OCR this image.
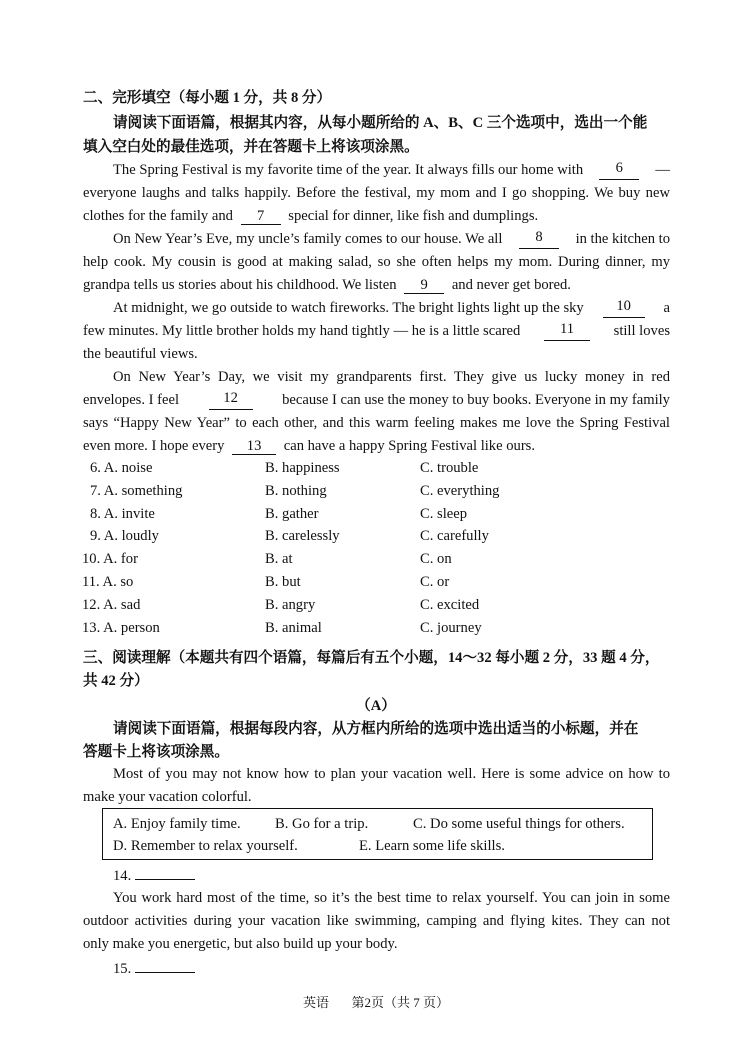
二、完形填空（每小题 1 分，共 8 分）
请阅读下面语篇，根据其内容，从每小题所给的 A、B、C 三个选项中，选出一个能
填入空白处的最佳选项，并在答题卡上将该项涂黑。
The Spring Festival is my favorite time of the year. It always fills our home with	6	—
everyone laughs and talks happily. Before the festival, my mom and I go shopping. We buy new
clothes for the family and 7 special for dinner, like fish and dumplings.
On New Year’s Eve, my uncle’s family comes to our house. We all	8	in the kitchen to
help cook. My cousin is good at making salad, so she often helps my mom. During dinner, my
grandpa tells us stories about his childhood. We listen 9 and never get bored.
At midnight, we go outside to watch fireworks. The bright lights light up the sky	10	a
few minutes. My little brother holds my hand tightly — he is a little scared	11	still loves
the beautiful views.
On New Year’s Day, we visit my grandparents first. They give us lucky money in red
envelopes. I feel	12	because I can use the money to buy books. Everyone in my family
says “Happy New Year” to each other, and this warm feeling makes me love the Spring Festival
even more. I hope every 13 can have a happy Spring Festival like ours.
6. A. noise	B. happiness	C. trouble
7. A. something	B. nothing	C. everything
8. A. invite	B. gather	C. sleep
9. A. loudly	B. carelessly	C. carefully
10. A. for	B. at	C. on
11. A. so	B. but	C. or
12. A. sad	B. angry	C. excited
13. A. person	B. animal	C. journey
三、阅读理解（本题共有四个语篇，每篇后有五个小题，14～32 每小题 2 分，33 题 4 分，
共 42 分）
（A）
请阅读下面语篇，根据每段内容，从方框内所给的选项中选出适当的小标题，并在
答题卡上将该项涂黑。
Most of you may not know how to plan your vacation well. Here is some advice on how to
make your vacation colorful.
A. Enjoy family time. B. Go for a trip.	C. Do some useful things for others.
D. Remember to relax yourself.	E. Learn some life skills.
14.
You work hard most of the time, so it’s the best time to relax yourself. You can join in some
outdoor activities during your vacation like swimming, camping and flying kites. They can not
only make you energetic, but also build up your body.
15.
英语 第2页（共 7 页）
